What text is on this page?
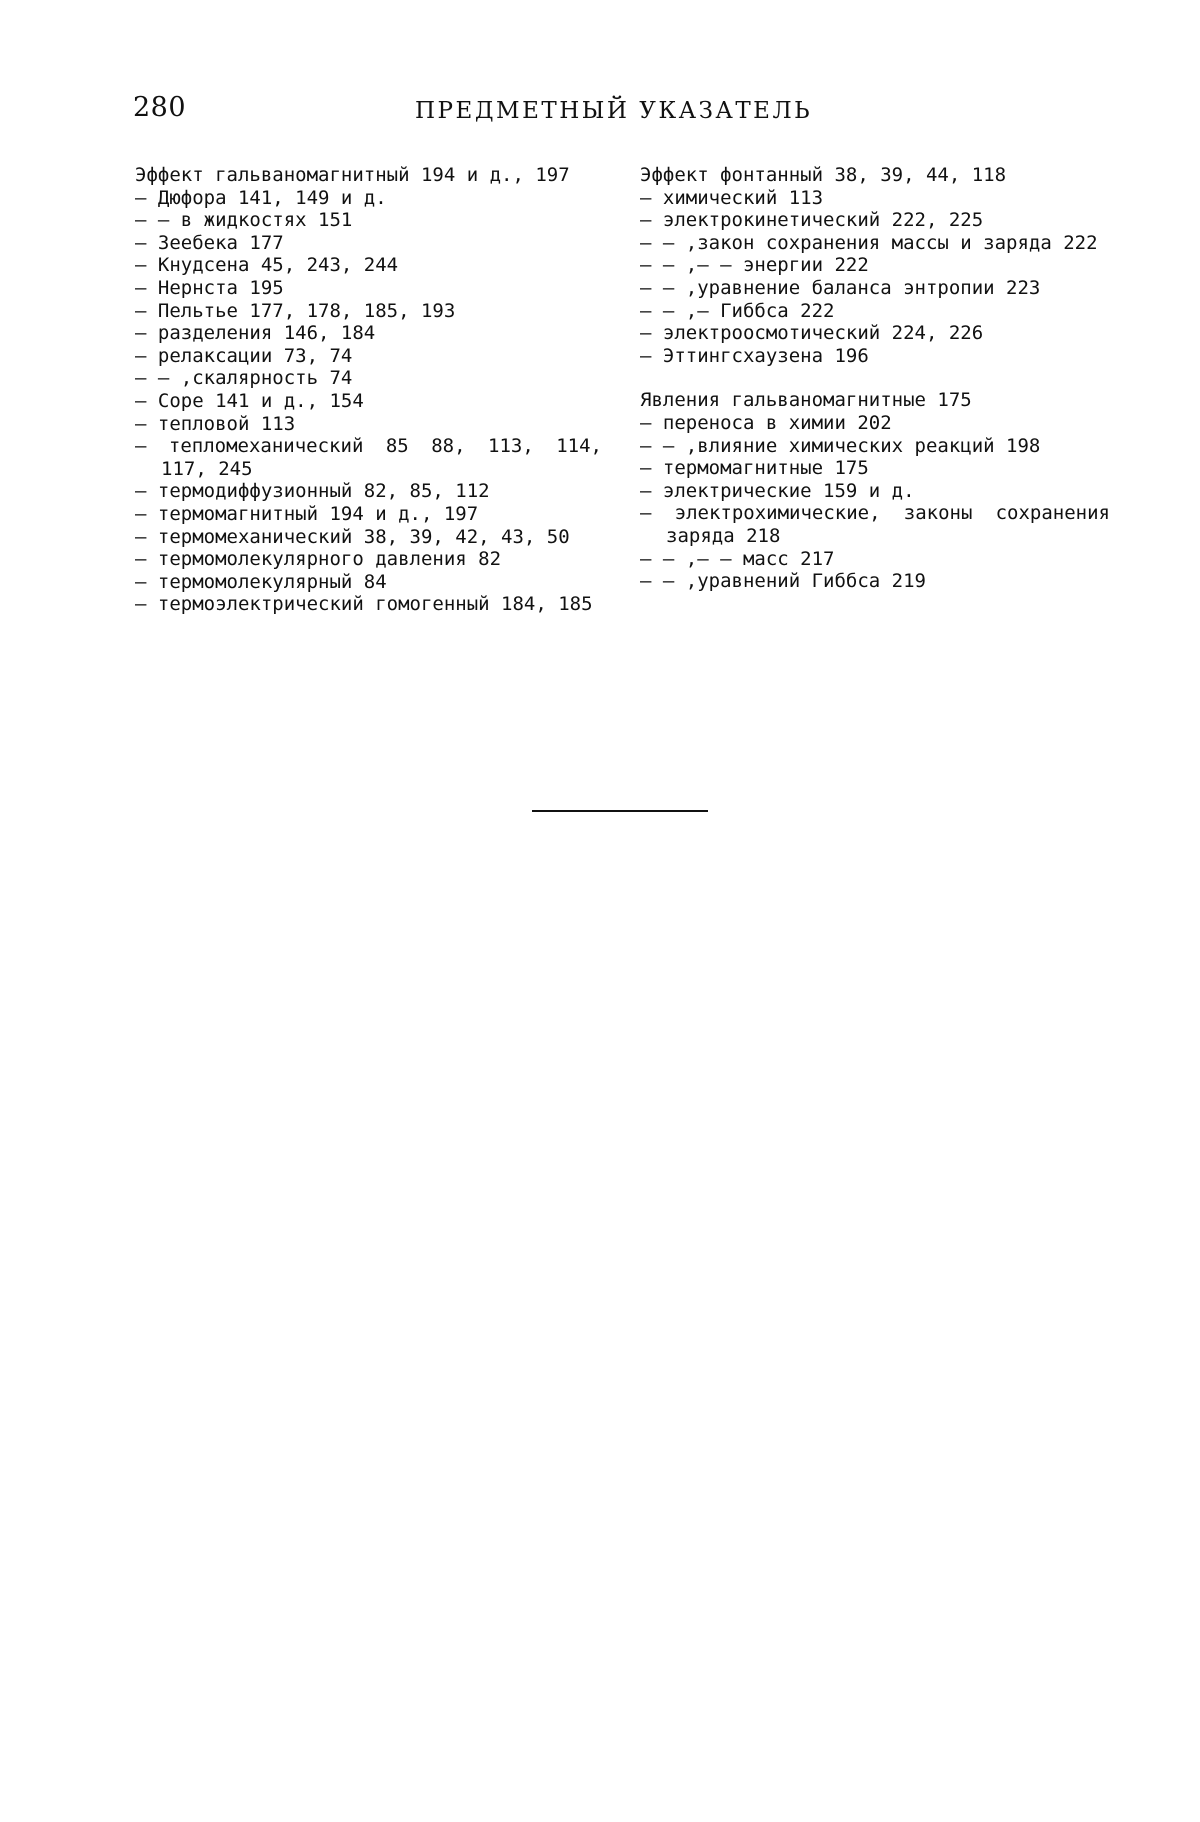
280	ПРЕДМЕТНЫЙ УКАЗАТЕЛЬ
Эффект гальваномагнитный 194 и д., 197
— Дюфора 141, 149 и д.
— — в жидкостях 151
— Зеебека 177
— Кнудсена 45, 243, 244
— Нернста 195
— Пельтье 177, 178, 185, 193
— разделения 146, 184
— релаксации 73, 74
— — ,скалярность 74
— Соре 141 и д., 154
— тепловой 113
— тепломеханический 85 88, 113, 114, 117, 245
— термодиффузионный 82, 85, 112
— термомагнитный 194 и д., 197
— термомеханический 38, 39, 42, 43, 50
— термомолекулярного давления 82
— термомолекулярный 84
— термоэлектрический гомогенный 184, 185
Эффект фонтанный 38, 39, 44, 118
— химический 113
— электрокинетический 222, 225
— — ,закон сохранения массы и заряда 222
— — ,— — энергии 222
— — ,уравнение баланса энтропии 223
— — ,— Гиббса 222
— электроосмотический 224, 226
— Эттингсхаузена 196
Явления гальваномагнитные 175
— переноса в химии 202
— — ,влияние химических реакций 198
— термомагнитные 175
— электрические 159 и д.
— электрохимические, законы сохранения заряда 218
— — ,— — масс 217
— — ,уравнений Гиббса 219
